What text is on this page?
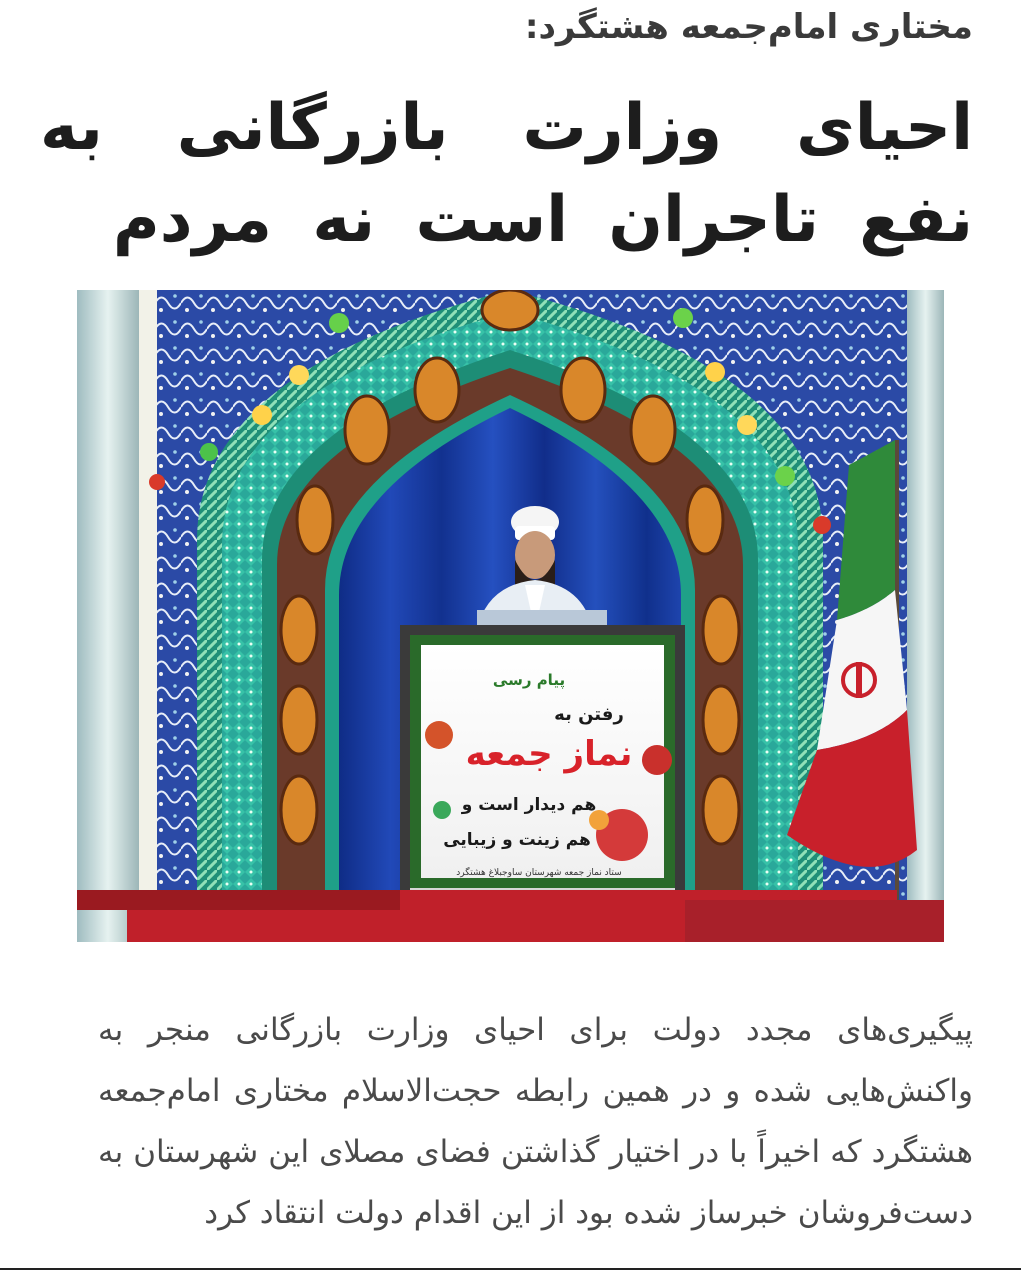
مختاری امام‌جمعه هشتگرد:
احیای وزارت بازرگانی به نفع تاجران است نه مردم
پیام رسی
رفتن به
نماز جمعه
هم دیدار است و
هم زینت و زیبایی
ستاد نماز جمعه شهرستان ساوجبلاغ هشتگرد
پیگیری‌های مجدد دولت برای احیای وزارت بازرگانی منجر به واکنش‌هایی شده و در همین رابطه حجت‌الاسلام مختاری امام‌جمعه هشتگرد که اخیراً با در اختیار گذاشتن فضای مصلای این شهرستان به دست‌فروشان خبرساز شده بود از این اقدام دولت انتقاد کرد
